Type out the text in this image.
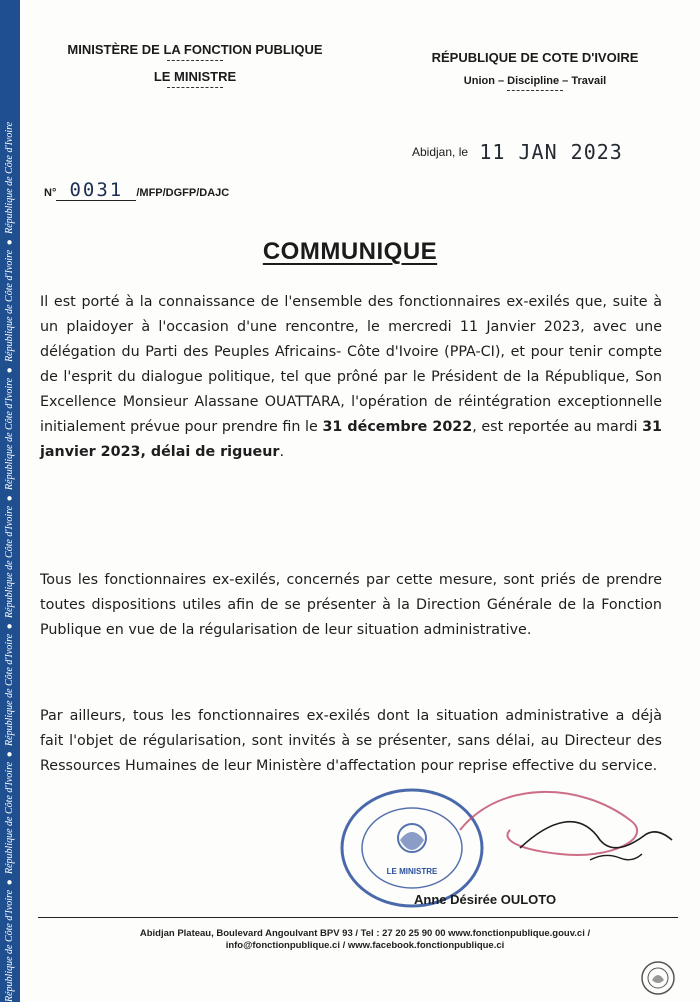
République de Côte d'Ivoire ● République de Côte d'Ivoire ● République de Côte d'Ivoire ● République de Côte d'Ivoire ● République de Côte d'Ivoire ● République de Côte d'Ivoire ● République de Côte d'Ivoire
MINISTÈRE DE LA FONCTION PUBLIQUE
LE MINISTRE
RÉPUBLIQUE DE COTE D'IVOIRE
Union – Discipline – Travail
Abidjan, le 11 JAN 2023
N° 0031 /MFP/DGFP/DAJC
COMMUNIQUE
Il est porté à la connaissance de l'ensemble des fonctionnaires ex-exilés que, suite à un plaidoyer à l'occasion d'une rencontre, le mercredi 11 Janvier 2023, avec une délégation du Parti des Peuples Africains- Côte d'Ivoire (PPA-CI), et pour tenir compte de l'esprit du dialogue politique, tel que prôné par le Président de la République, Son Excellence Monsieur Alassane OUATTARA, l'opération de réintégration exceptionnelle initialement prévue pour prendre fin le 31 décembre 2022, est reportée au mardi 31 janvier 2023, délai de rigueur.
Tous les fonctionnaires ex-exilés, concernés par cette mesure, sont priés de prendre toutes dispositions utiles afin de se présenter à la Direction Générale de la Fonction Publique en vue de la régularisation de leur situation administrative.
Par ailleurs, tous les fonctionnaires ex-exilés dont la situation administrative a déjà fait l'objet de régularisation, sont invités à se présenter, sans délai, au Directeur des Ressources Humaines de leur Ministère d'affectation pour reprise effective du service.
LE MINISTRE
Anne Désirée OULOTO
Abidjan Plateau, Boulevard Angoulvant BPV 93 / Tel : 27 20 25 90 00 www.fonctionpublique.gouv.ci /
info@fonctionpublique.ci / www.facebook.fonctionpublique.ci
